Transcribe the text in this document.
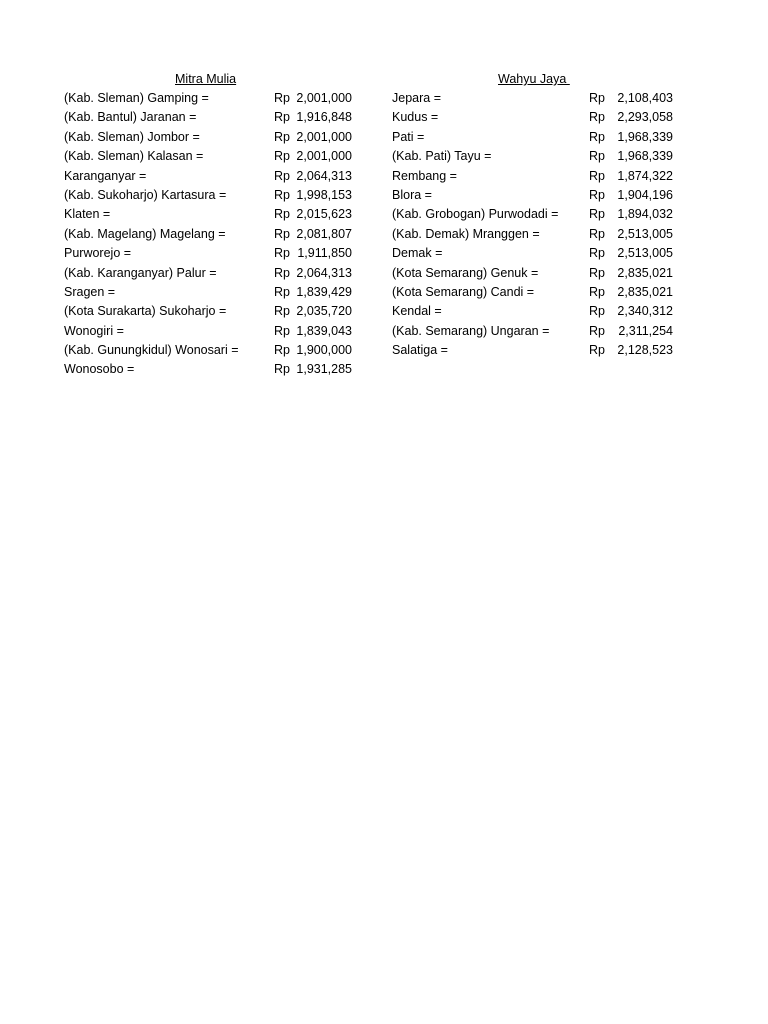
Mitra Mulia
(Kab. Sleman) Gamping =	Rp 2,001,000
(Kab. Bantul) Jaranan =	Rp 1,916,848
(Kab. Sleman) Jombor =	Rp 2,001,000
(Kab. Sleman) Kalasan =	Rp 2,001,000
Karanganyar =	Rp 2,064,313
(Kab. Sukoharjo) Kartasura =	Rp 1,998,153
Klaten =	Rp 2,015,623
(Kab. Magelang) Magelang =	Rp 2,081,807
Purworejo =	Rp 1,911,850
(Kab. Karanganyar) Palur =	Rp 2,064,313
Sragen =	Rp 1,839,429
(Kota Surakarta) Sukoharjo =	Rp 2,035,720
Wonogiri =	Rp 1,839,043
(Kab. Gunungkidul) Wonosari =	Rp 1,900,000
Wonosobo =	Rp 1,931,285
Wahyu Jaya
Jepara =	Rp 2,108,403
Kudus =	Rp 2,293,058
Pati =	Rp 1,968,339
(Kab. Pati) Tayu =	Rp 1,968,339
Rembang =	Rp 1,874,322
Blora =	Rp 1,904,196
(Kab. Grobogan) Purwodadi = Rp 1,894,032
(Kab. Demak) Mranggen =	Rp 2,513,005
Demak =	Rp 2,513,005
(Kota Semarang) Genuk =	Rp 2,835,021
(Kota Semarang) Candi =	Rp 2,835,021
Kendal =	Rp 2,340,312
(Kab. Semarang) Ungaran =	Rp	2,311,254
Salatiga =	Rp 2,128,523
